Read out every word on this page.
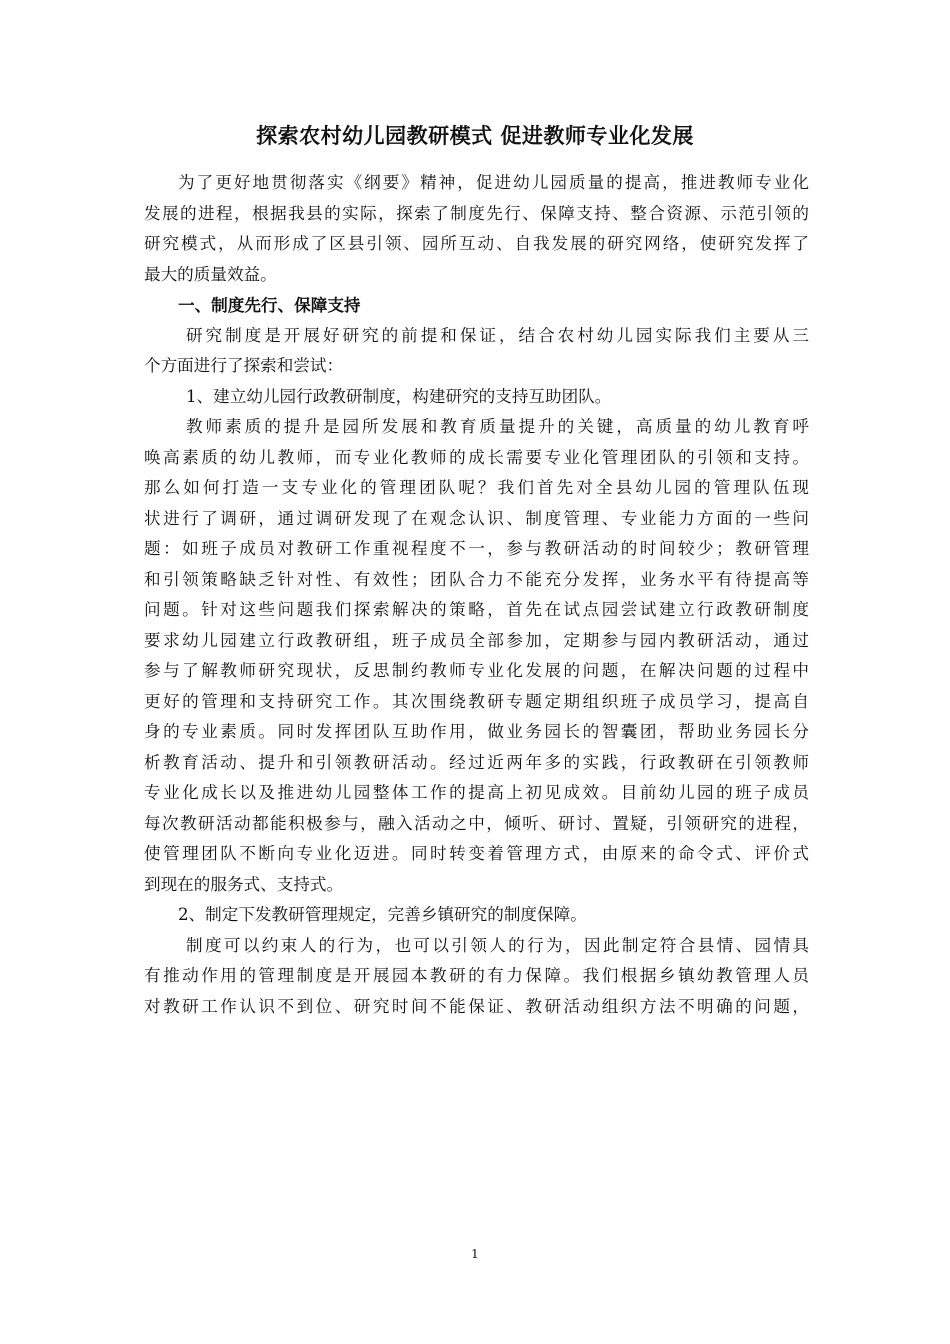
探索农村幼儿园教研模式 促进教师专业化发展
为了更好地贯彻落实《纲要》精神，促进幼儿园质量的提高，推进教师专业化
发展的进程，根据我县的实际，探索了制度先行、保障支持、整合资源、示范引领的
研究模式，从而形成了区县引领、园所互动、自我发展的研究网络，使研究发挥了
最大的质量效益。
一、制度先行、保障支持
研究制度是开展好研究的前提和保证，结合农村幼儿园实际我们主要从三
个方面进行了探索和尝试：
1、建立幼儿园行政教研制度，构建研究的支持互助团队。
教师素质的提升是园所发展和教育质量提升的关键，高质量的幼儿教育呼
唤高素质的幼儿教师，而专业化教师的成长需要专业化管理团队的引领和支持。
那么如何打造一支专业化的管理团队呢？我们首先对全县幼儿园的管理队伍现
状进行了调研，通过调研发现了在观念认识、制度管理、专业能力方面的一些问
题：如班子成员对教研工作重视程度不一，参与教研活动的时间较少；教研管理
和引领策略缺乏针对性、有效性；团队合力不能充分发挥，业务水平有待提高等
问题。针对这些问题我们探索解决的策略，首先在试点园尝试建立行政教研制度
要求幼儿园建立行政教研组，班子成员全部参加，定期参与园内教研活动，通过
参与了解教师研究现状，反思制约教师专业化发展的问题，在解决问题的过程中
更好的管理和支持研究工作。其次围绕教研专题定期组织班子成员学习，提高自
身的专业素质。同时发挥团队互助作用，做业务园长的智囊团，帮助业务园长分
析教育活动、提升和引领教研活动。经过近两年多的实践，行政教研在引领教师
专业化成长以及推进幼儿园整体工作的提高上初见成效。目前幼儿园的班子成员
每次教研活动都能积极参与，融入活动之中，倾听、研讨、置疑，引领研究的进程，
使管理团队不断向专业化迈进。同时转变着管理方式，由原来的命令式、评价式
到现在的服务式、支持式。
2、制定下发教研管理规定，完善乡镇研究的制度保障。
制度可以约束人的行为，也可以引领人的行为，因此制定符合县情、园情具
有推动作用的管理制度是开展园本教研的有力保障。我们根据乡镇幼教管理人员
对教研工作认识不到位、研究时间不能保证、教研活动组织方法不明确的问题，
1
